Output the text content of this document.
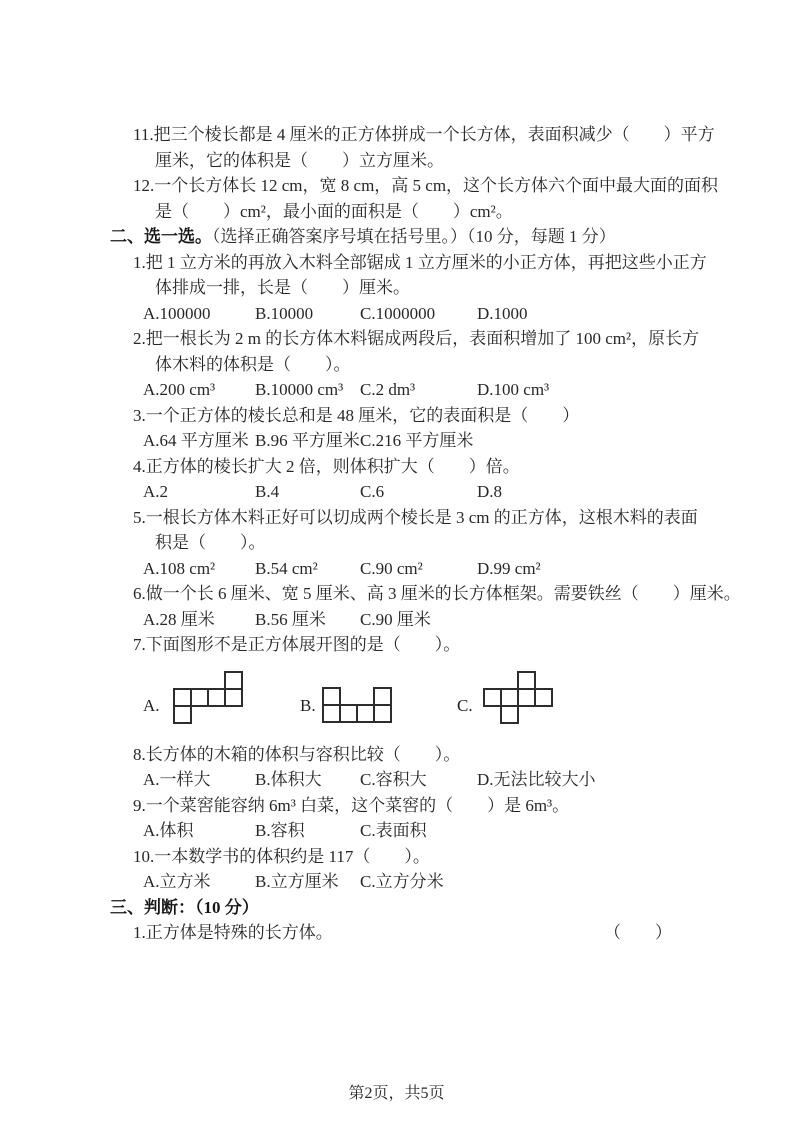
11.把三个棱长都是 4 厘米的正方体拼成一个长方体，表面积减少（　　）平方
厘米，它的体积是（　　）立方厘米。
12.一个长方体长 12 cm，宽 8 cm，高 5 cm，这个长方体六个面中最大面的面积
是（　　）cm²，最小面的面积是（　　）cm²。
二、选一选。（选择正确答案序号填在括号里。）（10 分，每题 1 分）
1.把 1 立方米的再放入木料全部锯成 1 立方厘米的小正方体，再把这些小正方
体排成一排，长是（　　）厘米。
A.100000	B.10000	C.1000000	D.1000
2.把一根长为 2 m 的长方体木料锯成两段后，表面积增加了 100 cm²，原长方
体木料的体积是（　　）。
A.200 cm³	B.10000 cm³ C.2 dm³	D.100 cm³
3.一个正方体的棱长总和是 48 厘米，它的表面积是（　　）
A.64 平方厘米 B.96 平方厘米 C.216 平方厘米
4.正方体的棱长扩大 2 倍，则体积扩大（　　）倍。
A.2	B.4	C.6	D.8
5.一根长方体木料正好可以切成两个棱长是 3 cm 的正方体，这根木料的表面
积是（　　）。
A.108 cm²	B.54 cm²	C.90 cm²	D.99 cm²
6.做一个长 6 厘米、宽 5 厘米、高 3 厘米的长方体框架。需要铁丝（　　）厘米。
A.28 厘米	B.56 厘米	C.90 厘米
7.下面图形不是正方体展开图的是（　　）。
A.	B.	C.
8.长方体的木箱的体积与容积比较（　　）。
A.一样大	B.体积大	C.容积大	D.无法比较大小
9.一个菜窖能容纳 6m³ 白菜，这个菜窖的（　　）是 6m³。
A.体积	B.容积	C.表面积
10.一本数学书的体积约是 117（　　）。
A.立方米	B.立方厘米	C.立方分米
三、判断：（10 分）
1.正方体是特殊的长方体。	（　　）
第2页，共5页
